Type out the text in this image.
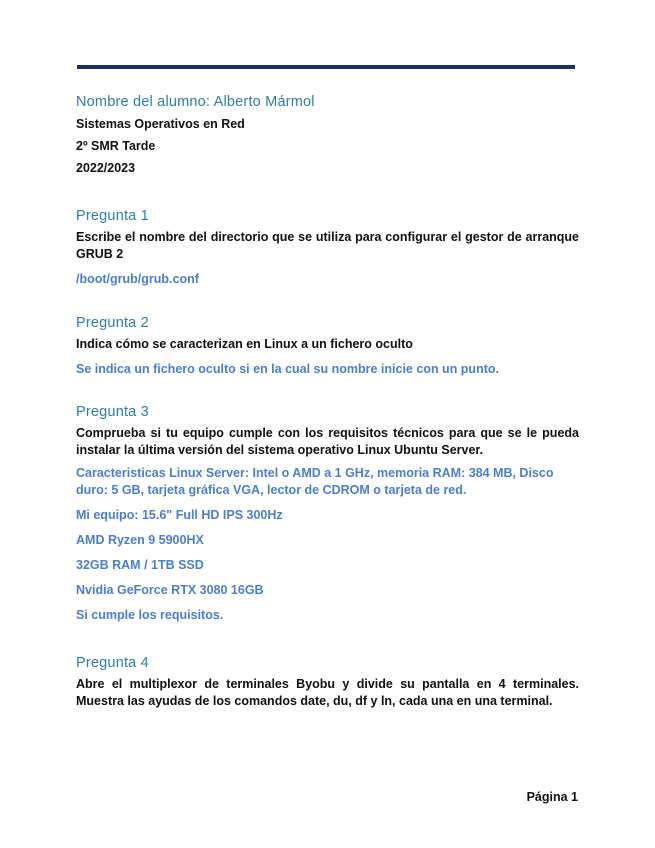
Nombre del alumno: Alberto Mármol

Sistemas Operativos en Red

2º SMR Tarde

2022/2023

Pregunta 1

Escribe el nombre del directorio que se utiliza para configurar el gestor de arranque GRUB 2

/boot/grub/grub.conf

Pregunta 2

Indica cómo se caracterizan en Linux a un fichero oculto

Se indica un fichero oculto si en la cual su nombre inicie con un punto.

Pregunta 3

Comprueba si tu equipo cumple con los requisitos técnicos para que se le pueda instalar la última versión del sistema operativo Linux Ubuntu Server.

Caracteristicas Linux Server: Intel o AMD a 1 GHz, memoria RAM: 384 MB, Disco duro: 5 GB, tarjeta gráfica VGA, lector de CDROM o tarjeta de red.

Mi equipo: 15.6" Full HD IPS 300Hz

AMD Ryzen 9 5900HX

32GB RAM / 1TB SSD

Nvidia GeForce RTX 3080 16GB

Si cumple los requisitos.

Pregunta 4

Abre el multiplexor de terminales Byobu y divide su pantalla en 4 terminales. Muestra las ayudas de los comandos date, du, df y ln, cada una en una terminal.

Página 1
